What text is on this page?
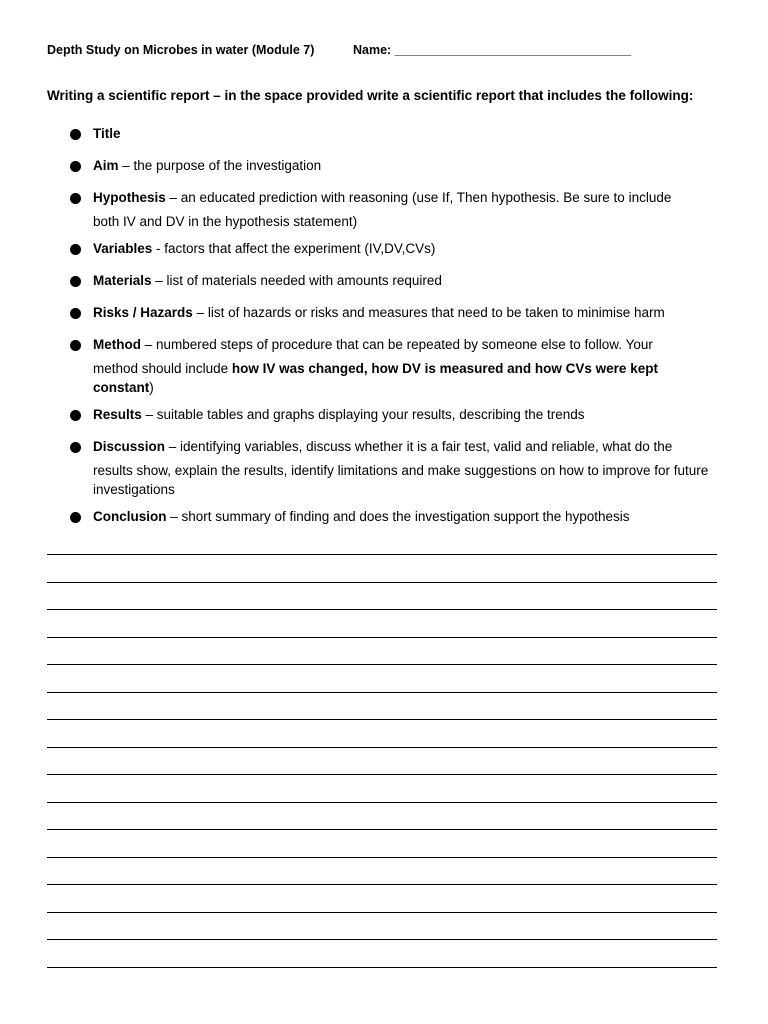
Depth Study on Microbes in water (Module 7)	Name: __________________________________
Writing a scientific report – in the space provided write a scientific report that includes the following:
Title
Aim – the purpose of the investigation
Hypothesis – an educated prediction with reasoning (use If, Then hypothesis. Be sure to include
both IV and DV in the hypothesis statement)
Variables - factors that affect the experiment (IV,DV,CVs)
Materials – list of materials needed with amounts required
Risks / Hazards – list of hazards or risks and measures that need to be taken to minimise harm
Method – numbered steps of procedure that can be repeated by someone else to follow. Your
method should include how IV was changed, how DV is measured and how CVs were kept constant)
Results – suitable tables and graphs displaying your results, describing the trends
Discussion – identifying variables, discuss whether it is a fair test, valid and reliable, what do the
results show, explain the results, identify limitations and make suggestions on how to improve for future investigations
Conclusion – short summary of finding and does the investigation support the hypothesis
